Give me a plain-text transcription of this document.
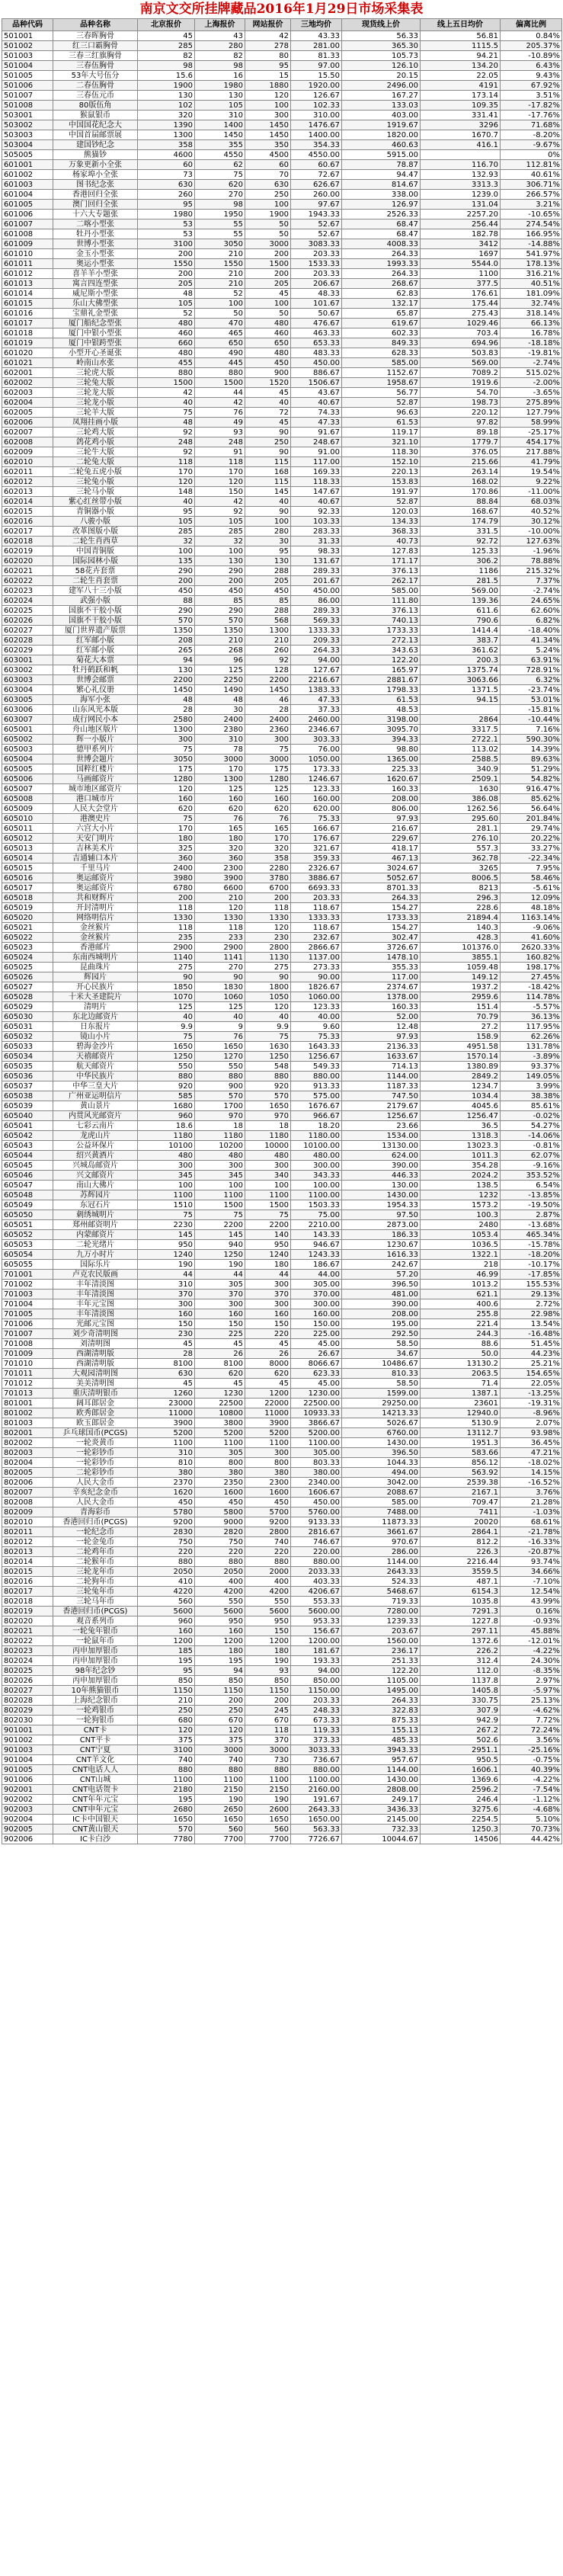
南京文交所挂牌藏品2016年1月29日市场采集表
品种代码	品种名称	北京报价	上海报价	网站报价	三地均价	现货线上价	线上五日均价	偏离比例
501001	三春晖胸骨	45	43	42	43.33	56.33	56.81	0.84%
501002	红三口霸胸骨	285	280	278	281.00	365.30	1115.5	205.37%
501003	三春三红旗胸骨	82	82	80	81.33	105.73	94.21	-10.89%
501004	三春伍胸骨	98	98	95	97.00	126.10	134.20	6.43%
501005	53年大号伍分	15.6	16	15	15.50	20.15	22.05	9.43%
501006	二春伍胸骨	1900	1980	1880	1920.00	2496.00	4191	67.92%
501007	三春伍元币	130	130	120	126.67	167.27	173.14	3.51%
501008	80版伍角	102	105	100	102.33	133.03	109.35	-17.82%
503001	猴鼠银币	320	310	300	310.00	403.00	331.41	-17.76%
503002	中国国花纪念大	1390	1400	1450	1476.67	1919.67	3296	71.68%
503003	中国首届邮票展	1300	1450	1450	1400.00	1820.00	1670.7	-8.20%
503004	建国钞纪念	358	355	350	354.33	460.63	416.1	-9.67%
505005	熊猫钞	4600	4550	4500	4550.00	5915.00		0%
601001	万象更新小全张	60	62	60	60.67	78.87	116.70	112.81%
601002	杨家埠小全张	73	75	70	72.67	94.47	132.93	40.61%
601003	图书纪念张	630	620	630	626.67	814.67	3313.3	306.71%
601004	香港回归全张	260	270	250	260.00	338.00	1239.0	266.57%
601005	澳门回归全张	95	98	100	97.67	126.97	131.04	3.21%
601006	十六大专题张	1980	1950	1900	1943.33	2526.33	2257.20	-10.65%
601007	二喀小型张	53	55	50	52.67	68.47	256.44	274.54%
601008	牡丹小型张	53	55	50	52.67	68.47	182.78	166.95%
601009	世博小型张	3100	3050	3000	3083.33	4008.33	3412	-14.88%
601010	金玉小型张	200	210	200	203.33	264.33	1697	541.97%
601011	奥运小型张	1550	1550	1500	1533.33	1993.33	5544.0	178.13%
601012	喜羊羊小型张	200	210	200	203.33	264.33	1100	316.21%
601013	寓言四连型张	205	210	205	206.67	268.67	377.5	40.51%
601014	威尼斯小型张	48	52	45	48.33	62.83	176.61	181.09%
601015	乐山大佛型张	105	100	100	101.67	132.17	175.44	32.74%
601016	宝鼎礼金型张	52	50	50	50.67	65.87	275.43	318.14%
601017	厦门船纪念型张	480	470	480	476.67	619.67	1029.46	66.13%
601018	厦门中银小型张	460	465	460	463.33	602.33	703.4	16.78%
601019	厦门中银跨型张	660	650	650	653.33	849.33	694.96	-18.18%
601020	小型开心圣诞张	480	490	480	483.33	628.33	503.83	-19.81%
601021	岭南山水张	455	445	450	450.00	585.00	569.00	-2.74%
602001	三轮虎大版	880	880	900	886.67	1152.67	7089.2	515.02%
602002	三轮兔大版	1500	1500	1520	1506.67	1958.67	1919.6	-2.00%
602003	三轮龙大版	42	44	45	43.67	56.77	54.70	-3.65%
602004	三轮龙小版	40	42	40	40.67	52.87	198.73	275.89%
602005	三轮羊大版	75	76	72	74.33	96.63	220.12	127.79%
602006	凤翔挂画小版	48	49	45	47.33	61.53	97.82	58.99%
602007	三轮鸡大版	92	93	90	91.67	119.17	89.18	-25.17%
602008	鸽花鸡小版	248	248	250	248.67	321.10	1779.7	454.17%
602009	三轮牛大版	92	91	90	91.00	118.30	376.05	217.88%
602010	二轮兔大版	118	118	115	117.00	152.10	215.66	41.79%
602011	二轮兔五虎小版	170	170	168	169.33	220.13	263.14	19.54%
602012	三轮兔小版	120	120	115	118.33	153.83	168.02	9.22%
602013	三轮马小版	148	150	145	147.67	191.97	170.86	-11.00%
602014	紫心红丝带小版	40	42	40	40.67	52.87	88.84	68.03%
602015	青铜器小版	95	92	90	92.33	120.03	168.67	40.52%
602016	八骏小版	105	105	100	103.33	134.33	174.79	30.12%
602017	改革图版小版	285	285	280	283.33	368.33	331.5	-10.00%
602018	二轮生肖西草	32	32	30	31.33	40.73	92.72	127.63%
602019	中国青铜版	100	100	95	98.33	127.83	125.33	-1.96%
602020	国际园林小版	135	130	130	131.67	171.17	306.2	78.88%
602021	58花卉套票	290	290	288	289.33	376.13	1186	215.32%
602022	二轮生肖套票	200	200	205	201.67	262.17	281.5	7.37%
602023	建军八十三小版	450	450	450	450.00	585.00	569.00	-2.74%
602024	武强小版	88	85	85	86.00	111.80	139.36	24.65%
602025	国旗不干胶小版	290	290	288	289.33	376.13	611.6	62.60%
602026	国旗不干胶小版	570	570	568	569.33	740.13	790.6	6.82%
602027	厦门世界遗产版票	1350	1350	1300	1333.33	1733.33	1414.4	-18.40%
602028	红军邮小版	208	210	210	209.33	272.13	383.7	41.34%
602029	红军邮小版	265	268	260	264.33	343.63	361.62	5.24%
603001	菊花大本票	94	96	92	94.00	122.20	200.3	63.91%
603002	牡丹鹤跃和帆	130	125	128	127.67	165.97	1375.74	728.91%
603003	世博会邮票	2200	2250	2200	2216.67	2881.67	3063.66	6.32%
603004	繁心礼仪册	1450	1490	1450	1383.33	1798.33	1371.5	-23.74%
603005	海军小张	48	48	46	47.33	61.53	94.15	53.01%
603006	山东风光本版	28	30	28	37.33	48.53		-15.81%
603007	成行网民小本	2580	2400	2400	2460.00	3198.00	2864	-10.44%
605001	舟山地区版片	1300	2380	2360	2346.67	3095.70	3317.5	7.16%
605002	辉一小版片	300	310	300	303.33	394.33	2722.1	590.30%
605003	德甲系列片	75	78	75	76.00	98.80	113.02	14.39%
605004	世博会题片	3050	3000	3000	1050.00	1365.00	2588.5	89.63%
605005	国粹红楼片	175	170	175	173.33	225.33	340.9	51.29%
605006	马画邮资片	1280	1300	1280	1246.67	1620.67	2509.1	54.82%
605007	城市地区邮资片	120	125	125	123.33	160.33	1630	916.47%
605008	港口城市片	160	160	160	160.00	208.00	386.08	85.62%
605009	人民大会堂片	620	620	620	620.00	806.00	1262.56	56.64%
605010	港澳史片	75	76	76	75.33	97.93	295.60	201.84%
605011	六宫大小片	170	165	165	166.67	216.67	281.1	29.74%
605012	天安门明片	180	180	170	176.67	229.67	276.10	20.22%
605013	吉林美术片	325	320	320	321.67	418.17	557.3	33.27%
605014	吉通辅口本片	360	360	358	359.33	467.13	362.78	-22.34%
605015	千里马片	2400	2300	2280	2326.67	3024.67	3265	7.95%
605016	奥运邮资片	3980	3900	3780	3886.67	5052.67	8006.5	58.46%
605017	奥运邮资片	6780	6600	6700	6693.33	8701.33	8213	-5.61%
605018	共和财辉片	200	210	200	203.33	264.33	296.3	12.09%
605019	开封清明片	118	120	118	118.67	154.27	228.6	48.18%
605020	网络明信片	1330	1330	1330	1333.33	1733.33	21894.4	1163.14%
605021	金丝猴片	118	118	120	118.67	154.27	140.3	-9.06%
605022	金丝猴片	235	233	230	232.67	302.47	428.3	41.60%
605023	香港邮片	2900	2900	2800	2866.67	3726.67	101376.0	2620.33%
605024	东南西城明片	1140	1141	1130	1137.00	1478.10	3855.1	160.82%
605025	昆曲珠片	275	270	275	273.33	355.33	1059.48	198.17%
605026	辉园片	90	90	90	90.00	117.00	149.12	27.45%
605027	开心民族片	1850	1830	1800	1826.67	2374.67	1937.2	-18.42%
605028	十米大圣建院片	1070	1060	1050	1060.00	1378.00	2959.6	114.78%
605029	清明片	125	125	120	123.33	160.33	151.4	-5.57%
605030	东北边邮资片	40	40	40	40.00	52.00	70.79	36.13%
605031	日东报片	9.9	9	9.9	9.60	12.48	27.2	117.95%
605032	镜山小片	75	76	75	75.33	97.93	158.9	62.26%
605033	碧海金沙片	1650	1650	1630	1643.33	2136.33	4951.58	131.78%
605034	天禧邮资片	1250	1270	1250	1256.67	1633.67	1570.14	-3.89%
605035	航天邮资片	550	550	548	549.33	714.13	1380.89	93.37%
605036	中华民族片	880	880	880	880.00	1144.00	2849.2	149.05%
605037	中华三皇大片	920	900	920	913.33	1187.33	1234.7	3.99%
605038	广州亚运明信片	585	570	570	575.00	747.50	1034.4	38.38%
605039	黄山景片	1680	1700	1650	1676.67	2179.67	4045.6	85.61%
605040	内贯风光邮资片	960	970	970	966.67	1256.67	1256.47	-0.02%
605041	七彩云南片	18.6	18	18	18.20	23.66	36.5	54.27%
605042	龙虎山片	1180	1180	1180	1180.00	1534.00	1318.3	-14.06%
605043	公益环保片	10100	10200	10000	10100.00	13130.00	13023.3	-0.81%
605044	绍兴黄酒片	480	480	480	480.00	624.00	1011.3	62.07%
605045	兴城岛邮资片	300	300	300	300.00	390.00	354.28	-9.16%
605046	兴文邮资片	345	345	340	343.33	446.33	2024.2	353.52%
605047	南山大佛片	100	100	100	100.00	130.00	138.5	6.54%
605048	苏辉园片	1100	1100	1100	1100.00	1430.00	1232	-13.85%
605049	东冠石片	1510	1500	1500	1503.33	1954.33	1573.2	-19.50%
605050	刺绣城明片	75	75	75	75.00	97.50	100.3	2.87%
605051	郑州邮资明片	2230	2200	2200	2210.00	2873.00	2480	-13.68%
605052	内蒙邮资片	145	145	140	143.33	186.33	1053.4	465.34%
605053	二轮光绪片	950	940	950	946.67	1230.67	1036.5	-15.78%
605054	九万小时片	1240	1250	1240	1243.33	1616.33	1322.1	-18.20%
605055	国际乐片	190	190	180	186.67	242.67	218	-10.17%
701001	卢克农民版画	44	44	44	44.00	57.20	46.99	-17.85%
701002	丰年清淡图	310	305	300	305.00	396.50	1013.2	155.53%
701003	丰年清淡图	370	370	370	370.00	481.00	621.1	29.13%
701004	丰年元宝图	300	300	300	300.00	390.00	400.6	2.72%
701005	丰年清淡图	160	160	160	160.00	208.00	255.8	22.98%
701006	光邮元宝图	150	150	150	150.00	195.00	221.4	13.54%
701007	刘少奇清明图	230	225	220	225.00	292.50	244.3	-16.48%
701008	刘清明图	45	45	45	45.00	58.50	88.6	51.45%
701009	西湖清明版	28	26	26	26.67	34.67	50.0	44.23%
701010	西湖清明版	8100	8100	8000	8066.67	10486.67	13130.2	25.21%
701011	大观园清明图	630	620	620	623.33	810.33	2063.5	154.65%
701012	美美清明图	45	45	45	45.00	58.50	71.4	22.05%
701013	重庆清明银币	1260	1230	1200	1230.00	1599.00	1387.1	-13.25%
801001	阔耳郎居金	23000	22500	22000	22500.00	29250.00	23601	-19.31%
801002	欧秀郎居金	11000	10800	11000	10933.33	14213.33	12940.0	-8.96%
801003	欧玉郎居金	3900	3800	3900	3866.67	5026.67	5130.9	2.07%
802001	乒乓球国币(PCGS)	5200	5200	5200	5200.00	6760.00	13112.7	93.98%
802002	一轮炎黄币	1100	1100	1100	1100.00	1430.00	1951.3	36.45%
802003	一轮彩钞币	310	305	300	305.00	396.50	583.66	47.21%
802004	一轮彩钞币	810	800	800	803.33	1044.33	856.12	-18.02%
802005	二轮彩钞币	380	380	380	380.00	494.00	563.92	14.15%
802006	人民大金币	2370	2350	2300	2340.00	3042.00	2539.38	-16.52%
802007	辛亥纪念金币	1620	1600	1600	1606.67	2088.67	2167.1	3.76%
802008	人民大金币	450	450	450	450.00	585.00	709.47	21.28%
802009	青海彩币	5780	5800	5700	5760.00	7488.00	7411	-1.03%
802010	香港回归币(PCGS)	9200	9000	9200	9133.33	11873.33	20020	68.61%
802011	一轮纪念币	2830	2820	2800	2816.67	3661.67	2864.1	-21.78%
802012	一轮金兔币	750	750	740	746.67	970.67	812.2	-16.33%
802013	二轮鸡年币	220	220	220	220.00	286.00	226.3	-20.87%
802014	二轮猴年币	880	880	880	880.00	1144.00	2216.44	93.74%
802015	三轮龙年币	2050	2050	2000	2033.33	2643.33	3559.5	34.66%
802016	二轮狗年币	410	400	400	403.33	524.33	487.1	-7.10%
802017	三轮兔年币	4220	4200	4200	4206.67	5468.67	6154.3	12.54%
802018	三轮马年币	560	550	550	553.33	719.33	1035.8	43.99%
802019	香港回归币(PCGS)	5600	5600	5600	5600.00	7280.00	7291.3	0.16%
802020	观音系列币	960	950	950	953.33	1239.33	1227.8	-0.93%
802021	一轮兔年银币	160	160	150	156.67	203.67	297.11	45.88%
802022	一轮鼠年币	1200	1200	1200	1200.00	1560.00	1372.6	-12.01%
802023	丙申加厚银币	185	180	180	181.67	236.17	226.2	-4.22%
802024	丙申加厚银币	195	195	190	193.33	251.33	312.4	24.30%
802025	98年纪念钞	95	94	93	94.00	122.20	112.0	-8.35%
802026	丙申加厚银币	850	850	850	850.00	1105.00	1137.8	2.97%
802027	10年熊猫银币	1150	1150	1150	1150.00	1495.00	1405.8	-5.97%
802028	上海纪念银币	210	200	200	203.33	264.33	330.75	25.13%
802029	一轮鸡银币	250	250	245	248.33	322.83	307.9	-4.62%
802030	一轮狗银币	680	670	670	673.33	875.33	942.9	7.72%
901001	CNT卡	120	120	118	119.33	155.13	267.2	72.24%
901002	CNT平卡	375	375	370	373.33	485.33	502.6	3.56%
901003	CNT宁夏	3100	3000	3000	3033.33	3943.33	2951.1	-25.16%
901004	CNT羊文化	740	740	730	736.67	957.67	950.5	-0.75%
901005	CNT电话人人	880	880	880	880.00	1144.00	1606.1	40.39%
901006	CNT山城	1100	1100	1100	1100.00	1430.00	1369.6	-4.22%
902001	CNT电话贺卡	2180	2150	2150	2160.00	2808.00	2596.2	-7.54%
902002	CNT年年元宝	195	190	190	191.67	249.17	246.4	-1.12%
902003	CNT申年元宝	2680	2650	2600	2643.33	3436.33	3275.6	-4.68%
902004	IC卡中国银天	1650	1650	1650	1650.00	2145.00	2254.5	5.10%
902005	CNT黄山银天	570	560	560	563.33	732.33	1250.3	70.73%
902006	IC卡白沙	7780	7700	7700	7726.67	10044.67	14506	44.42%
